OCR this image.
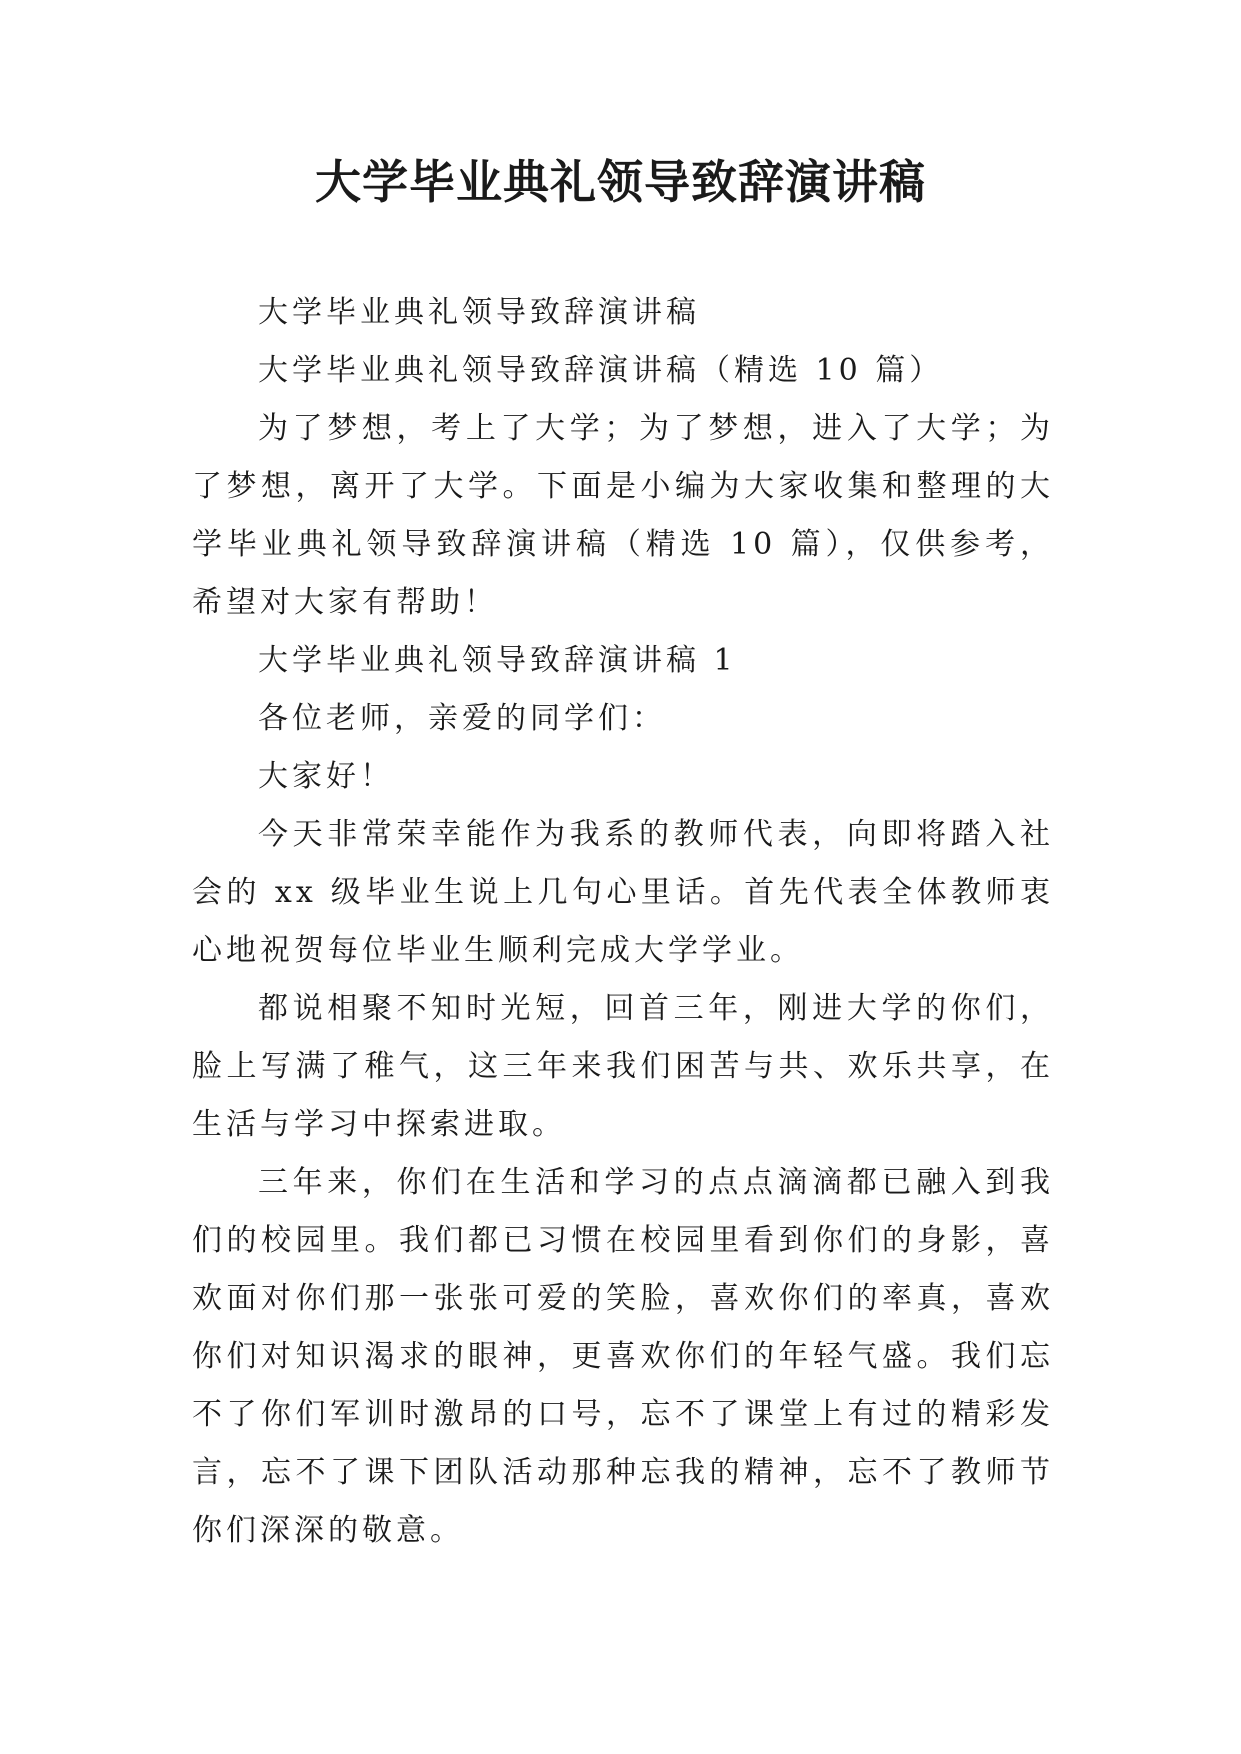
大学毕业典礼领导致辞演讲稿

大学毕业典礼领导致辞演讲稿

大学毕业典礼领导致辞演讲稿（精选 10 篇）

为了梦想，考上了大学；为了梦想，进入了大学；为了梦想，离开了大学。下面是小编为大家收集和整理的大学毕业典礼领导致辞演讲稿（精选 10 篇），仅供参考，希望对大家有帮助！

大学毕业典礼领导致辞演讲稿 1

各位老师，亲爱的同学们：

大家好！

今天非常荣幸能作为我系的教师代表，向即将踏入社会的 xx 级毕业生说上几句心里话。首先代表全体教师衷心地祝贺每位毕业生顺利完成大学学业。

都说相聚不知时光短，回首三年，刚进大学的你们，脸上写满了稚气，这三年来我们困苦与共、欢乐共享，在生活与学习中探索进取。

三年来，你们在生活和学习的点点滴滴都已融入到我们的校园里。我们都已习惯在校园里看到你们的身影，喜欢面对你们那一张张可爱的笑脸，喜欢你们的率真，喜欢你们对知识渴求的眼神，更喜欢你们的年轻气盛。我们忘不了你们军训时激昂的口号，忘不了课堂上有过的精彩发言，忘不了课下团队活动那种忘我的精神，忘不了教师节你们深深的敬意。
